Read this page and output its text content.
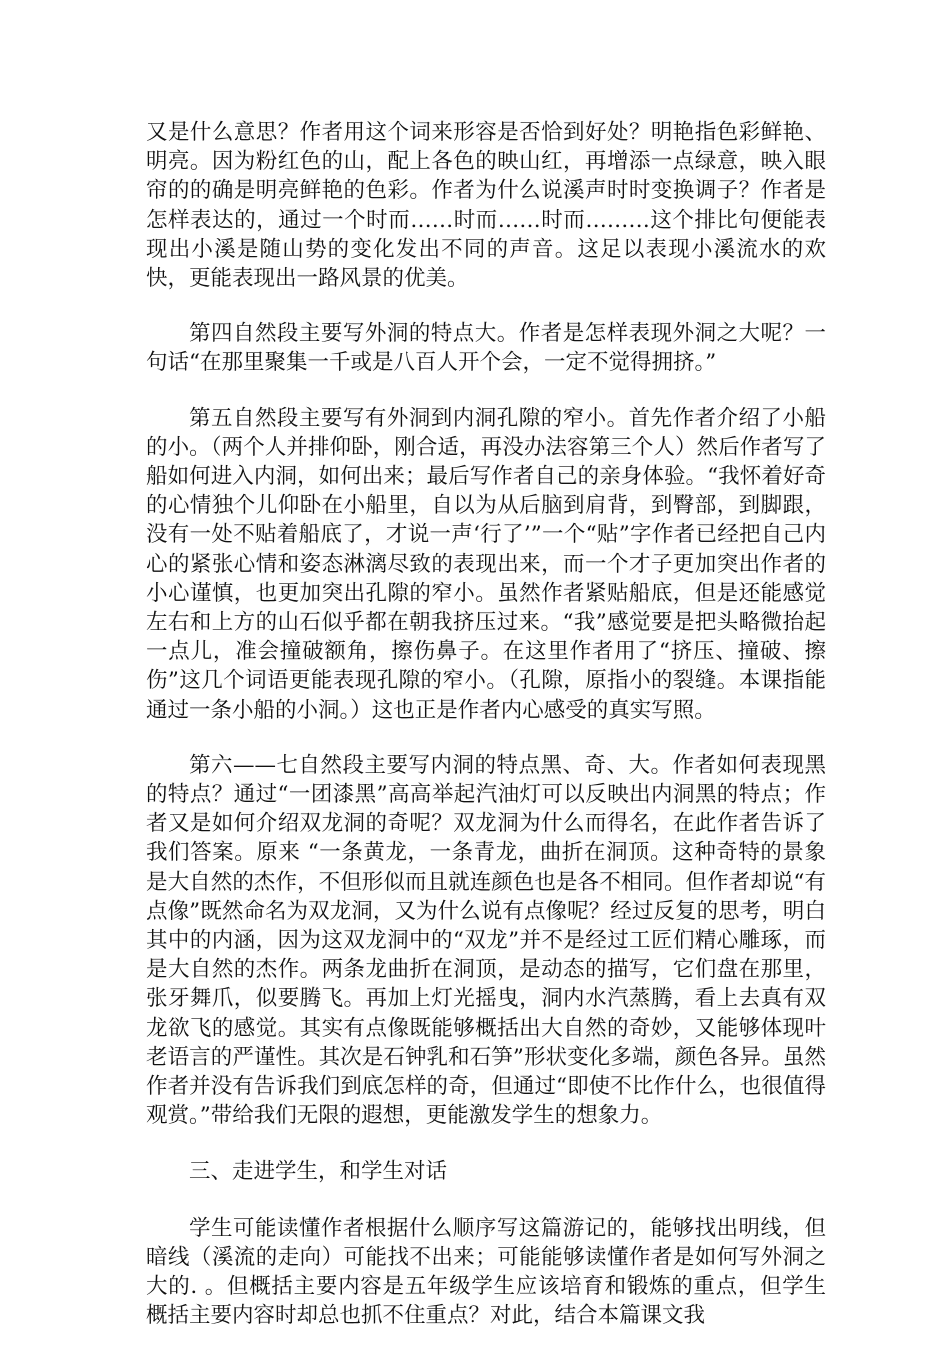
又是什么意思？作者用这个词来形容是否恰到好处？明艳指色彩鲜艳、明亮。因为粉红色的山，配上各色的映山红，再增添一点绿意，映入眼帘的的确是明亮鲜艳的色彩。作者为什么说溪声时时变换调子？作者是怎样表达的，通过一个时而……时而……时而………这个排比句便能表现出小溪是随山势的变化发出不同的声音。这足以表现小溪流水的欢快，更能表现出一路风景的优美。

第四自然段主要写外洞的特点大。作者是怎样表现外洞之大呢？一句话“在那里聚集一千或是八百人开个会，一定不觉得拥挤。”

第五自然段主要写有外洞到内洞孔隙的窄小。首先作者介绍了小船的小。（两个人并排仰卧，刚合适，再没办法容第三个人）然后作者写了船如何进入内洞，如何出来；最后写作者自己的亲身体验。“我怀着好奇的心情独个儿仰卧在小船里，自以为从后脑到肩背，到臀部，到脚跟，没有一处不贴着船底了，才说一声‘行了’”一个“贴”字作者已经把自己内心的紧张心情和姿态淋漓尽致的表现出来，而一个才子更加突出作者的小心谨慎，也更加突出孔隙的窄小。虽然作者紧贴船底，但是还能感觉左右和上方的山石似乎都在朝我挤压过来。“我”感觉要是把头略微抬起一点儿，准会撞破额角，擦伤鼻子。在这里作者用了“挤压、撞破、擦伤”这几个词语更能表现孔隙的窄小。（孔隙，原指小的裂缝。本课指能通过一条小船的小洞。）这也正是作者内心感受的真实写照。

第六——七自然段主要写内洞的特点黑、奇、大。作者如何表现黑的特点？通过“一团漆黑”高高举起汽油灯可以反映出内洞黑的特点；作者又是如何介绍双龙洞的奇呢？双龙洞为什么而得名，在此作者告诉了我们答案。原来 “一条黄龙，一条青龙，曲折在洞顶。这种奇特的景象是大自然的杰作，不但形似而且就连颜色也是各不相同。但作者却说“有点像”既然命名为双龙洞，又为什么说有点像呢？经过反复的思考，明白其中的内涵，因为这双龙洞中的“双龙”并不是经过工匠们精心雕琢，而是大自然的杰作。两条龙曲折在洞顶，是动态的描写，它们盘在那里，张牙舞爪，似要腾飞。再加上灯光摇曳，洞内水汽蒸腾，看上去真有双龙欲飞的感觉。其实有点像既能够概括出大自然的奇妙，又能够体现叶老语言的严谨性。其次是石钟乳和石笋”形状变化多端，颜色各异。虽然作者并没有告诉我们到底怎样的奇，但通过“即使不比作什么，也很值得观赏。”带给我们无限的遐想，更能激发学生的想象力。

三、走进学生，和学生对话

学生可能读懂作者根据什么顺序写这篇游记的，能够找出明线，但暗线（溪流的走向）可能找不出来；可能能够读懂作者是如何写外洞之大的. 。但概括主要内容是五年级学生应该培育和锻炼的重点，但学生概括主要内容时却总也抓不住重点？对此，结合本篇课文我
